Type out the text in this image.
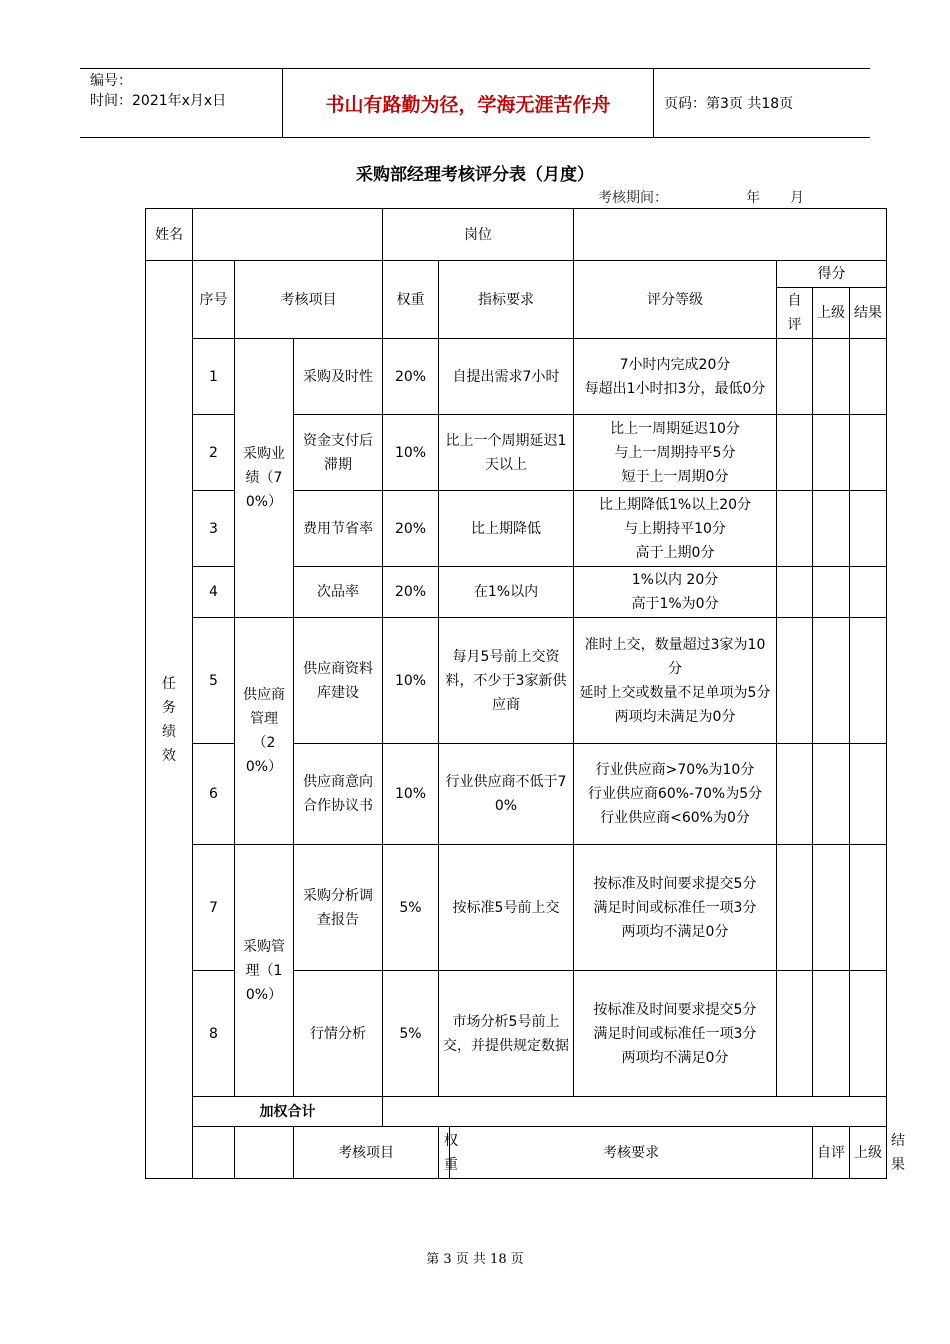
编号：
时间：2021年x月x日	书山有路勤为径，学海无涯苦作舟	页码：第3页 共18页
采购部经理考核评分表（月度）
考核期间：	年 月
姓名				岗位							
任务绩效	序号	考核项目		权重	指标要求		评分等级	得分			
								自评	上级	结果	
	1	采购业绩（70%）	采购及时性	20%	自提出需求7小时		7小时内完成20分
每超出1小时扣3分，最低0分				
	2		资金支付后滞期	10%	比上一个周期延迟1天以上		比上一周期延迟10分
与上一周期持平5分
短于上一周期0分				
	3		费用节省率	20%	比上期降低		比上期降低1%以上20分
与上期持平10分
高于上期0分				
	4		次品率	20%	在1%以内		1%以内 20分
高于1%为0分				
	5	供应商管理（20%）	供应商资料库建设	10%	每月5号前上交资料，不少于3家新供应商		准时上交，数量超过3家为10分
延时上交或数量不足单项为5分
两项均未满足为0分				
	6		供应商意向合作协议书	10%	行业供应商不低于70%		行业供应商>70%为10分
行业供应商60%-70%为5分
行业供应商<60%为0分				
	7	采购管理（10%）	采购分析调查报告	5%	按标准5号前上交		按标准及时间要求提交5分
满足时间或标准任一项3分
两项均不满足0分				
	8		行情分析	5%	市场分析5号前上交，并提供规定数据		按标准及时间要求提交5分
满足时间或标准任一项3分
两项均不满足0分				
	加权合计										
			考核项目		权重	考核要求			自评	上级	结果
第 3 页 共 18 页
